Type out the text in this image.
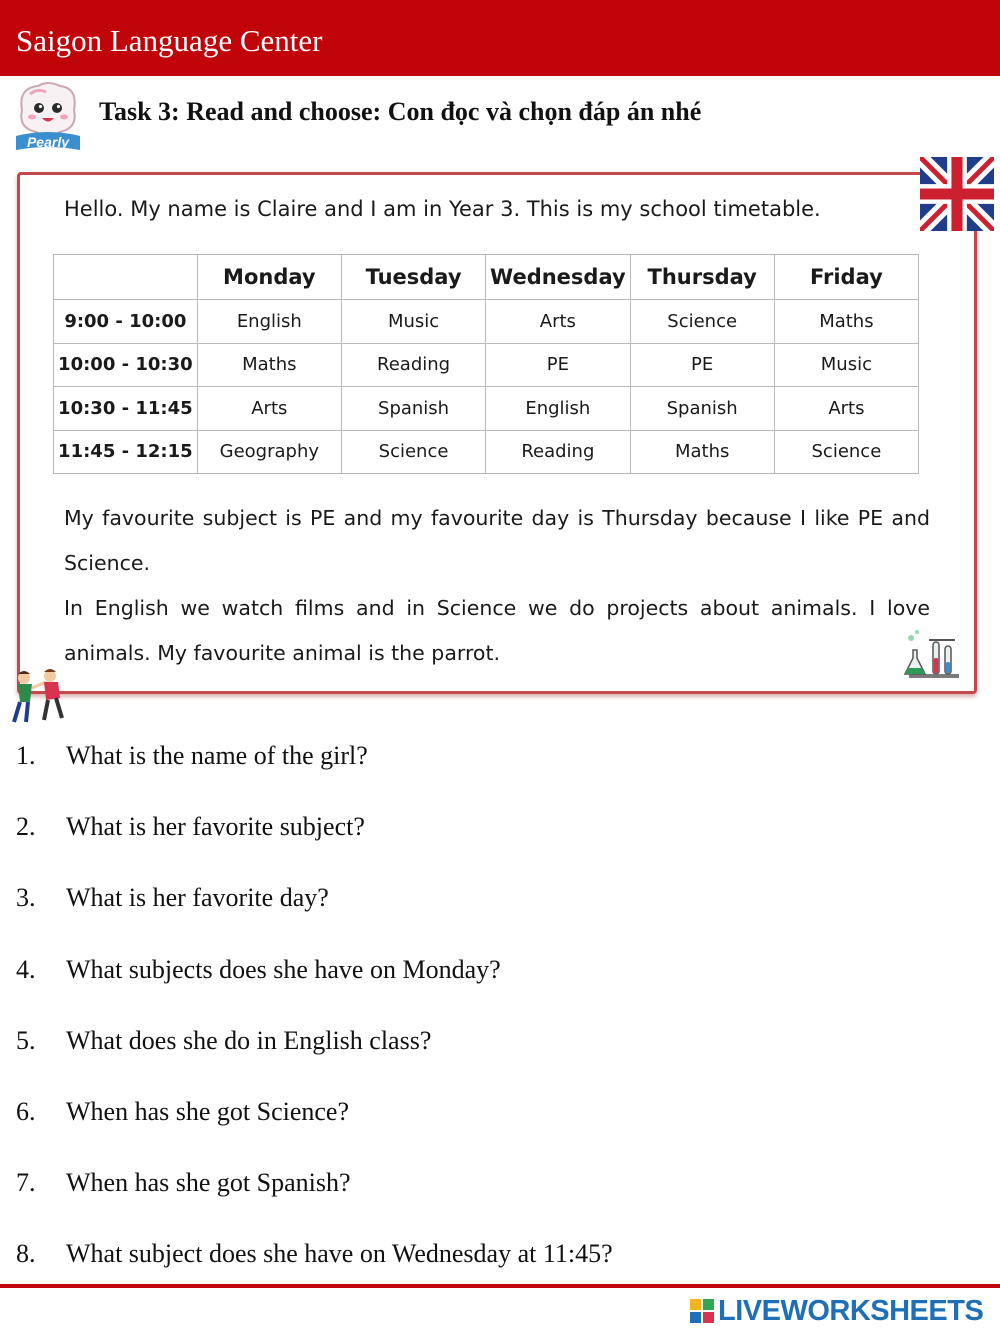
Saigon Language Center
Pearly
Task 3: Read and choose: Con đọc và chọn đáp án nhé
Hello. My name is Claire and I am in Year 3. This is my school timetable.
	Monday	Tuesday	Wednesday	Thursday	Friday
9:00 - 10:00	English	Music	Arts	Science	Maths
10:00 - 10:30	Maths	Reading	PE	PE	Music
10:30 - 11:45	Arts	Spanish	English	Spanish	Arts
11:45 - 12:15	Geography	Science	Reading	Maths	Science
My favourite subject is PE and my favourite day is Thursday because I like PE and Science.
In English we watch films and in Science we do projects about animals. I love animals. My favourite animal is the parrot.
1. What is the name of the girl?
2. What is her favorite subject?
3. What is her favorite day?
4. What subjects does she have on Monday?
5. What does she do in English class?
6. When has she got Science?
7. When has she got Spanish?
8. What subject does she have on Wednesday at 11:45?
LIVEWORKSHEETS
